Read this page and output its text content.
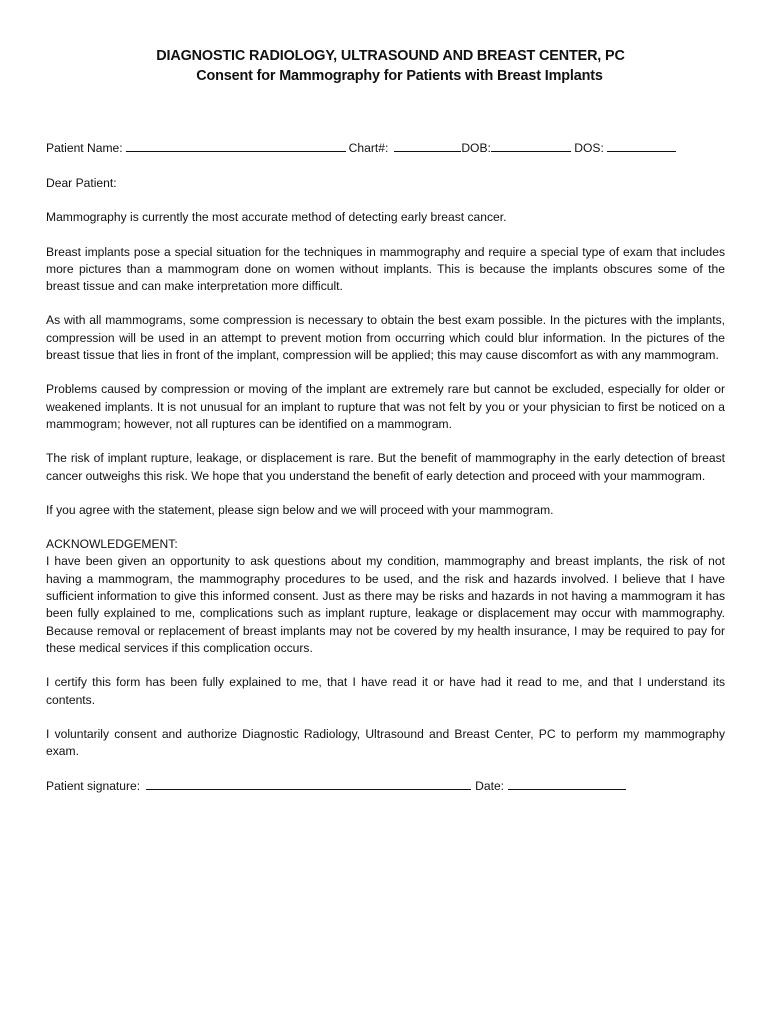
DIAGNOSTIC RADIOLOGY, ULTRASOUND AND BREAST CENTER, PC
Consent for Mammography for Patients with Breast Implants
Patient Name:	Chart#:	DOB:	DOS:

Dear Patient:

Mammography is currently the most accurate method of detecting early breast cancer.

Breast implants pose a special situation for the techniques in mammography and require a special type of exam that includes more pictures than a mammogram done on women without implants. This is because the implants obscures some of the breast tissue and can make interpretation more difficult.

As with all mammograms, some compression is necessary to obtain the best exam possible. In the pictures with the implants, compression will be used in an attempt to prevent motion from occurring which could blur information. In the pictures of the breast tissue that lies in front of the implant, compression will be applied; this may cause discomfort as with any mammogram.

Problems caused by compression or moving of the implant are extremely rare but cannot be excluded, especially for older or weakened implants. It is not unusual for an implant to rupture that was not felt by you or your physician to first be noticed on a mammogram; however, not all ruptures can be identified on a mammogram.

The risk of implant rupture, leakage, or displacement is rare. But the benefit of mammography in the early detection of breast cancer outweighs this risk. We hope that you understand the benefit of early detection and proceed with your mammogram.

If you agree with the statement, please sign below and we will proceed with your mammogram.

ACKNOWLEDGEMENT:

I have been given an opportunity to ask questions about my condition, mammography and breast implants, the risk of not having a mammogram, the mammography procedures to be used, and the risk and hazards involved. I believe that I have sufficient information to give this informed consent. Just as there may be risks and hazards in not having a mammogram it has been fully explained to me, complications such as implant rupture, leakage or displacement may occur with mammography. Because removal or replacement of breast implants may not be covered by my health insurance, I may be required to pay for these medical services if this complication occurs.

I certify this form has been fully explained to me, that I have read it or have had it read to me, and that I understand its contents.

I voluntarily consent and authorize Diagnostic Radiology, Ultrasound and Breast Center, PC to perform my mammography exam.

Patient signature:	Date:
